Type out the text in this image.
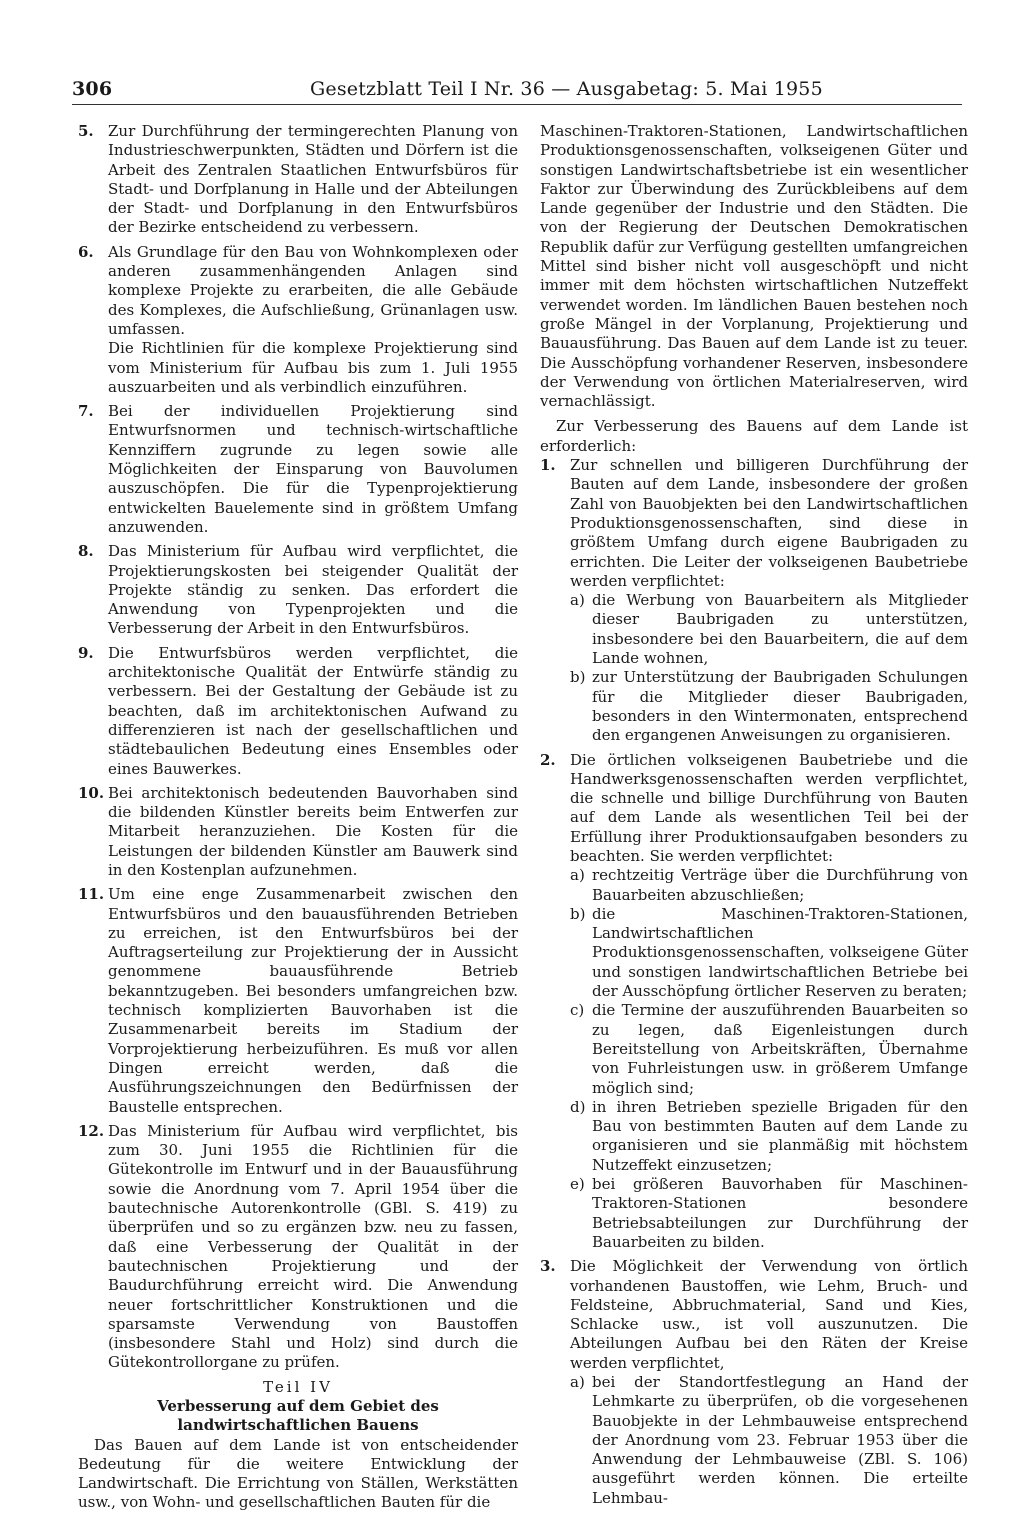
306	Gesetzblatt Teil I Nr. 36 — Ausgabetag: 5. Mai 1955
5. Zur Durchführung der termingerechten Planung von Industrieschwerpunkten, Städten und Dörfern ist die Arbeit des Zentralen Staatlichen Entwurfsbüros für Stadt- und Dorfplanung in Halle und der Abteilungen der Stadt- und Dorfplanung in den Entwurfsbüros der Bezirke entscheidend zu verbessern.

6. Als Grundlage für den Bau von Wohnkomplexen oder anderen zusammenhängenden Anlagen sind komplexe Projekte zu erarbeiten, die alle Gebäude des Komplexes, die Aufschließung, Grünanlagen usw. umfassen.

Die Richtlinien für die komplexe Projektierung sind vom Ministerium für Aufbau bis zum 1. Juli 1955 auszuarbeiten und als verbindlich einzuführen.

7. Bei der individuellen Projektierung sind Entwurfsnormen und technisch-wirtschaftliche Kennziffern zugrunde zu legen sowie alle Möglichkeiten der Einsparung von Bauvolumen auszuschöpfen. Die für die Typenprojektierung entwickelten Bauelemente sind in größtem Umfang anzuwenden.

8. Das Ministerium für Aufbau wird verpflichtet, die Projektierungskosten bei steigender Qualität der Projekte ständig zu senken. Das erfordert die Anwendung von Typenprojekten und die Verbesserung der Arbeit in den Entwurfsbüros.

9. Die Entwurfsbüros werden verpflichtet, die architektonische Qualität der Entwürfe ständig zu verbessern. Bei der Gestaltung der Gebäude ist zu beachten, daß im architektonischen Aufwand zu differenzieren ist nach der gesellschaftlichen und städtebaulichen Bedeutung eines Ensembles oder eines Bauwerkes.

10. Bei architektonisch bedeutenden Bauvorhaben sind die bildenden Künstler bereits beim Entwerfen zur Mitarbeit heranzuziehen. Die Kosten für die Leistungen der bildenden Künstler am Bauwerk sind in den Kostenplan aufzunehmen.

11. Um eine enge Zusammenarbeit zwischen den Entwurfsbüros und den bauausführenden Betrieben zu erreichen, ist den Entwurfsbüros bei der Auftragserteilung zur Projektierung der in Aussicht genommene bauausführende Betrieb bekanntzugeben. Bei besonders umfangreichen bzw. technisch komplizierten Bauvorhaben ist die Zusammenarbeit bereits im Stadium der Vorprojektierung herbeizuführen. Es muß vor allen Dingen erreicht werden, daß die Ausführungszeichnungen den Bedürfnissen der Baustelle entsprechen.

12. Das Ministerium für Aufbau wird verpflichtet, bis zum 30. Juni 1955 die Richtlinien für die Gütekontrolle im Entwurf und in der Bauausführung sowie die Anordnung vom 7. April 1954 über die bautechnische Autorenkontrolle (GBl. S. 419) zu überprüfen und so zu ergänzen bzw. neu zu fassen, daß eine Verbesserung der Qualität in der bautechnischen Projektierung und der Baudurchführung erreicht wird. Die Anwendung neuer fortschrittlicher Konstruktionen und die sparsamste Verwendung von Baustoffen (insbesondere Stahl und Holz) sind durch die Gütekontrollorgane zu prüfen.

Teil IV
Verbesserung auf dem Gebiet des landwirtschaftlichen Bauens

Das Bauen auf dem Lande ist von entscheidender Bedeutung für die weitere Entwicklung der Landwirtschaft. Die Errichtung von Ställen, Werkstätten usw., von Wohn- und gesellschaftlichen Bauten für die

Maschinen-Traktoren-Stationen, Landwirtschaftlichen Produktionsgenossenschaften, volkseigenen Güter und sonstigen Landwirtschaftsbetriebe ist ein wesentlicher Faktor zur Überwindung des Zurückbleibens auf dem Lande gegenüber der Industrie und den Städten. Die von der Regierung der Deutschen Demokratischen Republik dafür zur Verfügung gestellten umfangreichen Mittel sind bisher nicht voll ausgeschöpft und nicht immer mit dem höchsten wirtschaftlichen Nutzeffekt verwendet worden. Im ländlichen Bauen bestehen noch große Mängel in der Vorplanung, Projektierung und Bauausführung. Das Bauen auf dem Lande ist zu teuer. Die Ausschöpfung vorhandener Reserven, insbesondere der Verwendung von örtlichen Materialreserven, wird vernachlässigt.

Zur Verbesserung des Bauens auf dem Lande ist erforderlich:

1. Zur schnellen und billigeren Durchführung der Bauten auf dem Lande, insbesondere der großen Zahl von Bauobjekten bei den Landwirtschaftlichen Produktionsgenossenschaften, sind diese in größtem Umfang durch eigene Baubrigaden zu errichten. Die Leiter der volkseigenen Baubetriebe werden verpflichtet:

a) die Werbung von Bauarbeitern als Mitglieder dieser Baubrigaden zu unterstützen, insbesondere bei den Bauarbeitern, die auf dem Lande wohnen,
b) zur Unterstützung der Baubrigaden Schulungen für die Mitglieder dieser Baubrigaden, besonders in den Wintermonaten, entsprechend den ergangenen Anweisungen zu organisieren.
2. Die örtlichen volkseigenen Baubetriebe und die Handwerksgenossenschaften werden verpflichtet, die schnelle und billige Durchführung von Bauten auf dem Lande als wesentlichen Teil bei der Erfüllung ihrer Produktionsaufgaben besonders zu beachten. Sie werden verpflichtet:

a) rechtzeitig Verträge über die Durchführung von Bauarbeiten abzuschließen;
b) die Maschinen-Traktoren-Stationen, Landwirtschaftlichen Produktionsgenossenschaften, volkseigene Güter und sonstigen landwirtschaftlichen Betriebe bei der Ausschöpfung örtlicher Reserven zu beraten;
c) die Termine der auszuführenden Bauarbeiten so zu legen, daß Eigenleistungen durch Bereitstellung von Arbeitskräften, Übernahme von Fuhrleistungen usw. in größerem Umfange möglich sind;
d) in ihren Betrieben spezielle Brigaden für den Bau von bestimmten Bauten auf dem Lande zu organisieren und sie planmäßig mit höchstem Nutzeffekt einzusetzen;
e) bei größeren Bauvorhaben für Maschinen-Traktoren-Stationen besondere Betriebsabteilungen zur Durchführung der Bauarbeiten zu bilden.
3. Die Möglichkeit der Verwendung von örtlich vorhandenen Baustoffen, wie Lehm, Bruch- und Feldsteine, Abbruchmaterial, Sand und Kies, Schlacke usw., ist voll auszunutzen. Die Abteilungen Aufbau bei den Räten der Kreise werden verpflichtet,

a) bei der Standortfestlegung an Hand der Lehmkarte zu überprüfen, ob die vorgesehenen Bauobjekte in der Lehmbauweise entsprechend der Anordnung vom 23. Februar 1953 über die Anwendung der Lehmbauweise (ZBl. S. 106) ausgeführt werden können. Die erteilte Lehmbau-
